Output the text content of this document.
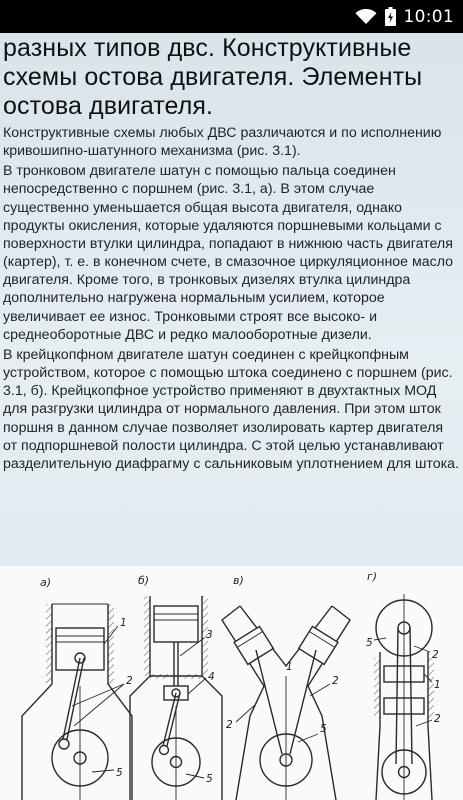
10:01
разных типов двс. Конструктивные схемы остова двигателя. Элементы остова двигателя.

Конструктивные схемы любых ДВС различаются и по исполнению кривошипно-шатунного механизма (рис. 3.1).

В тронковом двигателе шатун с помощью пальца соединен непосредственно с поршнем (рис. 3.1, а). В этом случае существенно уменьшается общая высота двигателя, однако продукты окисления, которые удаляются поршневыми кольцами с поверхности втулки цилиндра, попадают в нижнюю часть двигателя (картер), т. е. в конечном счете, в смазочное циркуляционное масло двигателя. Кроме того, в тронковых дизелях втулка цилиндра дополнительно нагружена нормальным усилием, которое увеличивает ее износ. Тронковыми строят все высоко- и среднеоборотные ДВС и редко малооборотные дизели.

В крейцкопфном двигателе шатун соединен с крейцкопфным устройством, которое с помощью штока соединено с поршнем (рис. 3.1, б). Крейцкопфное устройство применяют в двухтактных МОД для разгрузки цилиндра от нормального давления. При этом шток поршня в данном случае позволяет изолировать картер двигателя от подпоршневой полости цилиндра. С этой целью устанавливают разделительную диафрагму с сальниковым уплотнением для штока.

а)	б)	в)	г)
1
2
5
3
4
5
1
2
2
5
5
2
1
2
